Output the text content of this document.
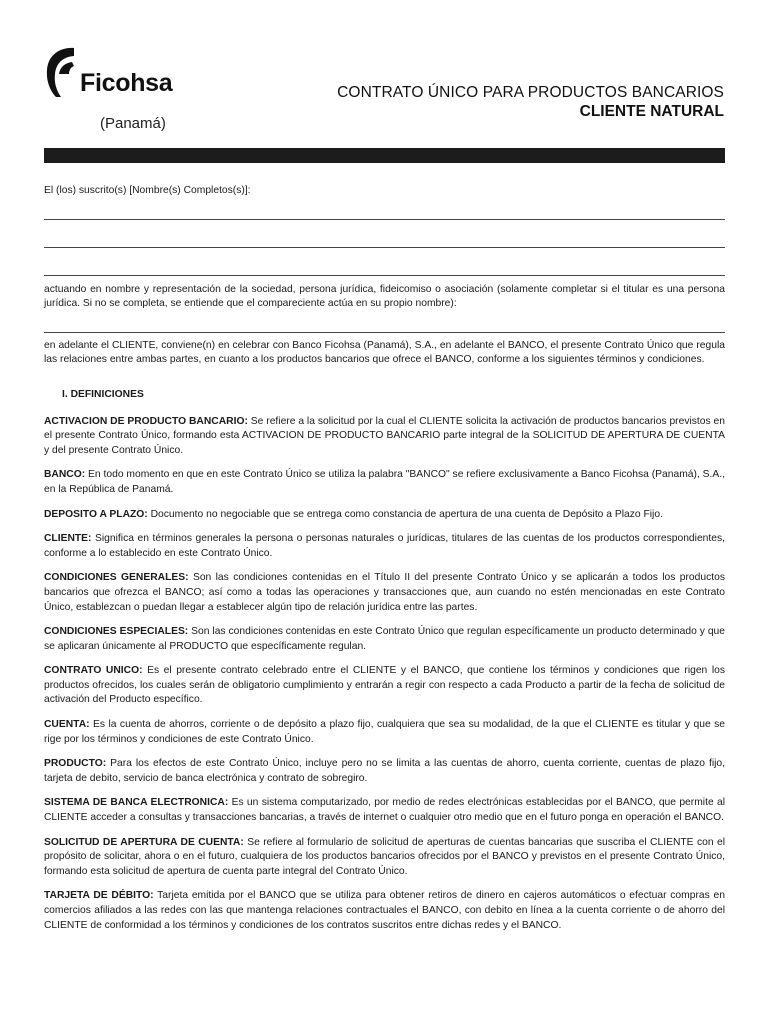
Ficohsa
(Panamá)
CONTRATO ÚNICO PARA PRODUCTOS BANCARIOS
CLIENTE NATURAL

El (los) suscrito(s) [Nombre(s) Completos(s)]:

actuando en nombre y representación de la sociedad, persona jurídica, fideicomiso o asociación (solamente completar si el titular es una persona jurídica. Si no se completa, se entiende que el compareciente actúa en su propio nombre):

en adelante el CLIENTE, conviene(n) en celebrar con Banco Ficohsa (Panamá), S.A., en adelante el BANCO, el presente Contrato Único que regula las relaciones entre ambas partes, en cuanto a los productos bancarios que ofrece el BANCO, conforme a los siguientes términos y condiciones.

I. DEFINICIONES

ACTIVACION DE PRODUCTO BANCARIO: Se refiere a la solicitud por la cual el CLIENTE solicita la activación de productos bancarios previstos en el presente Contrato Único, formando esta ACTIVACION DE PRODUCTO BANCARIO parte integral de la SOLICITUD DE APERTURA DE CUENTA y del presente Contrato Único.

BANCO: En todo momento en que en este Contrato Único se utiliza la palabra "BANCO" se refiere exclusivamente a Banco Ficohsa (Panamá), S.A., en la República de Panamá.

DEPOSITO A PLAZO: Documento no negociable que se entrega como constancia de apertura de una cuenta de Depósito a Plazo Fijo.

CLIENTE: Significa en términos generales la persona o personas naturales o jurídicas, titulares de las cuentas de los productos correspondientes, conforme a lo establecido en este Contrato Único.

CONDICIONES GENERALES: Son las condiciones contenidas en el Título II del presente Contrato Único y se aplicarán a todos los productos bancarios que ofrezca el BANCO; así como a todas las operaciones y transacciones que, aun cuando no estén mencionadas en este Contrato Único, establezcan o puedan llegar a establecer algún tipo de relación jurídica entre las partes.

CONDICIONES ESPECIALES: Son las condiciones contenidas en este Contrato Único que regulan específicamente un producto determinado y que se aplicaran únicamente al PRODUCTO que específicamente regulan.

CONTRATO UNICO: Es el presente contrato celebrado entre el CLIENTE y el BANCO, que contiene los términos y condiciones que rigen los productos ofrecidos, los cuales serán de obligatorio cumplimiento y entrarán a regir con respecto a cada Producto a partir de la fecha de solicitud de activación del Producto específico.

CUENTA: Es la cuenta de ahorros, corriente o de depósito a plazo fijo, cualquiera que sea su modalidad, de la que el CLIENTE es titular y que se rige por los términos y condiciones de este Contrato Único.

PRODUCTO: Para los efectos de este Contrato Único, incluye pero no se limita a las cuentas de ahorro, cuenta corriente, cuentas de plazo fijo, tarjeta de debito, servicio de banca electrónica y contrato de sobregiro.

SISTEMA DE BANCA ELECTRONICA: Es un sistema computarizado, por medio de redes electrónicas establecidas por el BANCO, que permite al CLIENTE acceder a consultas y transacciones bancarias, a través de internet o cualquier otro medio que en el futuro ponga en operación el BANCO.

SOLICITUD DE APERTURA DE CUENTA: Se refiere al formulario de solicitud de aperturas de cuentas bancarias que suscriba el CLIENTE con el propósito de solicitar, ahora o en el futuro, cualquiera de los productos bancarios ofrecidos por el BANCO y previstos en el presente Contrato Único, formando esta solicitud de apertura de cuenta parte integral del Contrato Único.

TARJETA DE DÉBITO: Tarjeta emitida por el BANCO que se utiliza para obtener retiros de dinero en cajeros automáticos o efectuar compras en comercios afiliados a las redes con las que mantenga relaciones contractuales el BANCO, con debito en línea a la cuenta corriente o de ahorro del CLIENTE de conformidad a los términos y condiciones de los contratos suscritos entre dichas redes y el BANCO.
